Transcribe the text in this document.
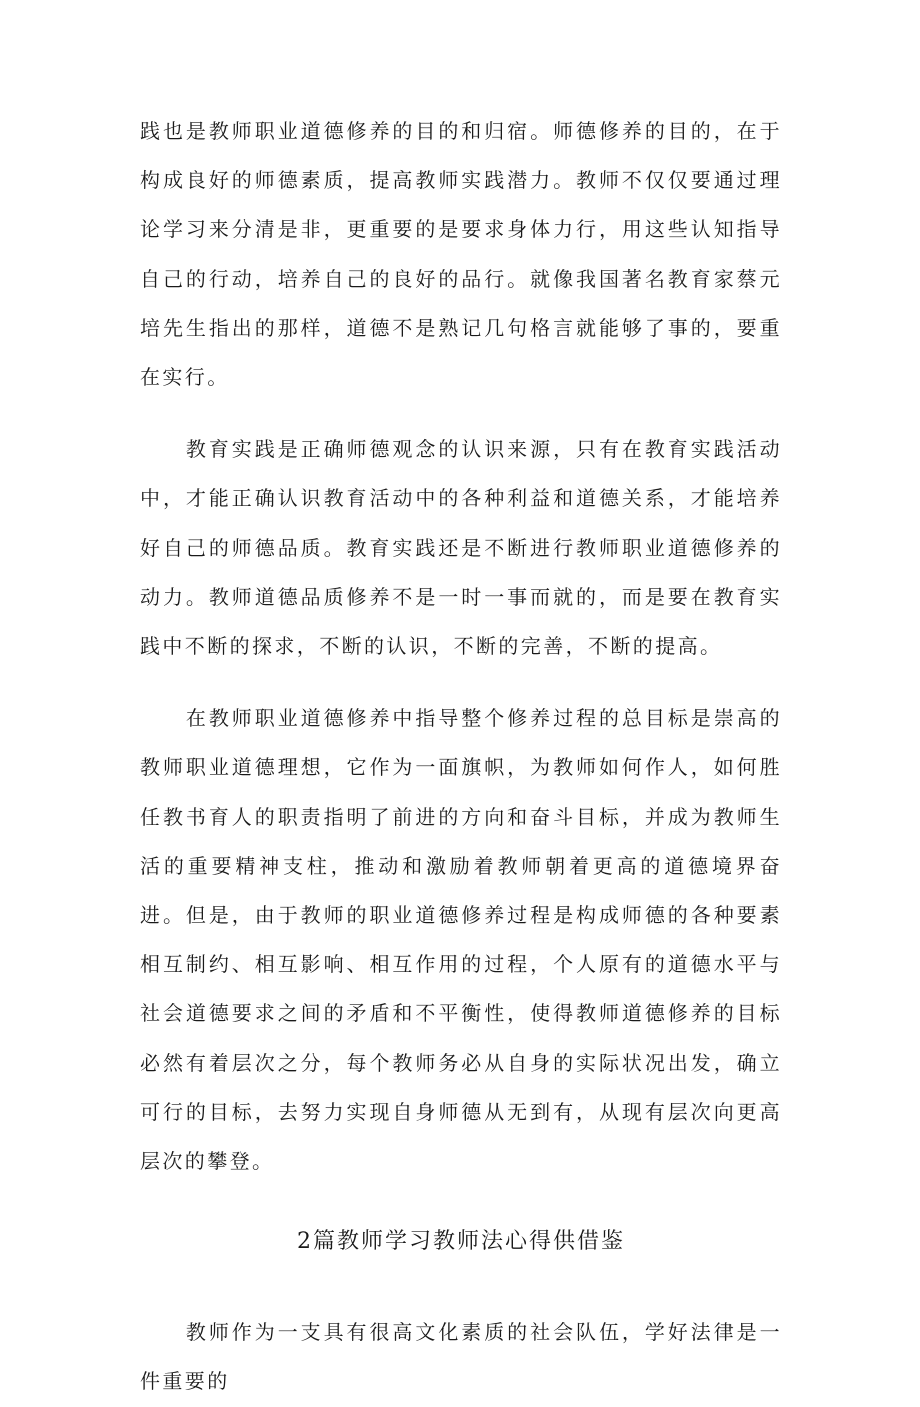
践也是教师职业道德修养的目的和归宿。师德修养的目的，在于构成良好的师德素质，提高教师实践潜力。教师不仅仅要通过理论学习来分清是非，更重要的是要求身体力行，用这些认知指导自己的行动，培养自己的良好的品行。就像我国著名教育家蔡元培先生指出的那样，道德不是熟记几句格言就能够了事的，要重在实行。

　　教育实践是正确师德观念的认识来源，只有在教育实践活动中，才能正确认识教育活动中的各种利益和道德关系，才能培养好自己的师德品质。教育实践还是不断进行教师职业道德修养的动力。教师道德品质修养不是一时一事而就的，而是要在教育实践中不断的探求，不断的认识，不断的完善，不断的提高。

　　在教师职业道德修养中指导整个修养过程的总目标是崇高的教师职业道德理想，它作为一面旗帜，为教师如何作人，如何胜任教书育人的职责指明了前进的方向和奋斗目标，并成为教师生活的重要精神支柱，推动和激励着教师朝着更高的道德境界奋进。但是，由于教师的职业道德修养过程是构成师德的各种要素相互制约、相互影响、相互作用的过程，个人原有的道德水平与社会道德要求之间的矛盾和不平衡性，使得教师道德修养的目标必然有着层次之分，每个教师务必从自身的实际状况出发，确立可行的目标，去努力实现自身师德从无到有，从现有层次向更高层次的攀登。

2篇教师学习教师法心得供借鉴

　　教师作为一支具有很高文化素质的社会队伍，学好法律是一件重要的
